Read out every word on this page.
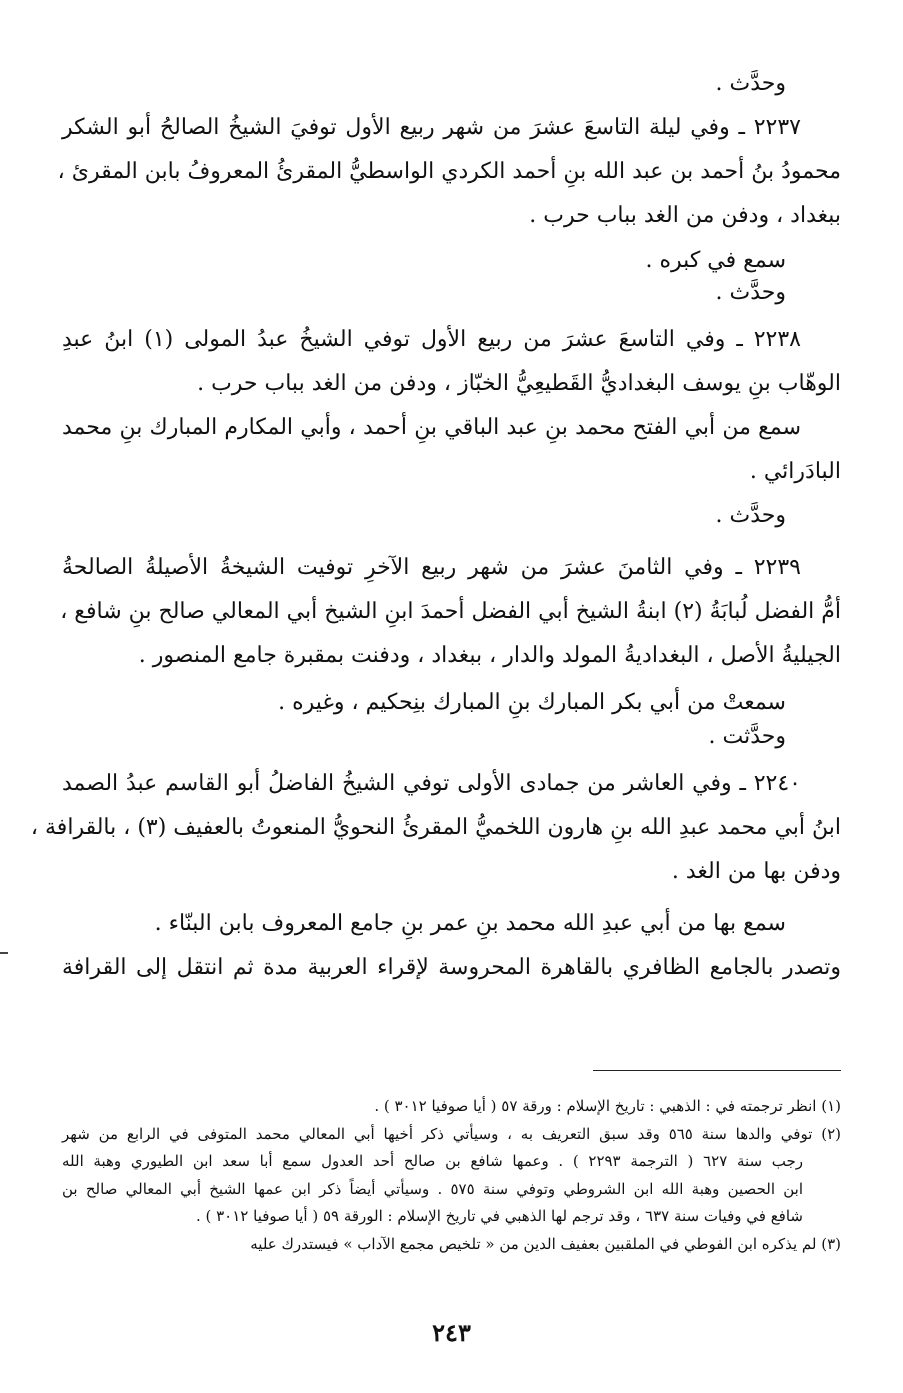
وحدَّث .
٢٢٣٧ ـ وفي ليلة التاسعَ عشرَ من شهر ربيع الأول توفيَ الشيخُ الصالحُ أبو الشكر
محمودُ بنُ أحمد بن عبد الله بنِ أحمد الكردي الواسطيُّ المقرئُ المعروفُ بابن المقرئ ،
ببغداد ، ودفن من الغد بباب حرب .
سمع في كبره .
وحدَّث .
٢٢٣٨ ـ وفي التاسعَ عشرَ من ربيع الأول توفي الشيخُ عبدُ المولى (١) ابنُ عبدِ
الوهّاب بنِ يوسف البغداديُّ القَطيعِيُّ الخبّاز ، ودفن من الغد بباب حرب .
سمع من أبي الفتح محمد بنِ عبد الباقي بنِ أحمد ، وأبي المكارم المبارك بنِ محمد
البادَرائي .
وحدَّث .
٢٢٣٩ ـ وفي الثامنَ عشرَ من شهر ربيع الآخرِ توفيت الشيخةُ الأصيلةُ الصالحةُ
أمُّ الفضل لُبابَةُ (٢) ابنةُ الشيخ أبي الفضل أحمدَ ابنِ الشيخ أبي المعالي صالح بنِ شافع ،
الجيليةُ الأصل ، البغداديةُ المولد والدار ، ببغداد ، ودفنت بمقبرة جامع المنصور .
سمعتْ من أبي بكر المبارك بنِ المبارك بنِحكيم ، وغيره .
وحدَّثت .
٢٢٤٠ ـ وفي العاشر من جمادى الأولى توفي الشيخُ الفاضلُ أبو القاسم عبدُ الصمد
ابنُ أبي محمد عبدِ الله بنِ هارون اللخميُّ المقرئُ النحويُّ المنعوتُ بالعفيف (٣) ، بالقرافة ،
ودفن بها من الغد .
سمع بها من أبي عبدِ الله محمد بنِ عمر بنِ جامع المعروف بابن البنّاء .
وتصدر بالجامع الظافري بالقاهرة المحروسة لإقراء العربية مدة ثم انتقل إلى القرافة
(١) انظر ترجمته في : الذهبي : تاريخ الإسلام : ورقة ٥٧ ( أيا صوفيا ٣٠١٢ ) .
(٢) توفي والدها سنة ٥٦٥ وقد سبق التعريف به ، وسيأتي ذكر أخيها أبي المعالي محمد المتوفى في الرابع من شهر
رجب سنة ٦٢٧ ( الترجمة ٢٢٩٣ ) . وعمها شافع بن صالح أحد العدول سمع أبا سعد ابن الطيوري وهبة الله
ابن الحصين وهبة الله ابن الشروطي وتوفي سنة ٥٧٥ . وسيأتي أيضاً ذكر ابن عمها الشيخ أبي المعالي صالح بن
شافع في وفيات سنة ٦٣٧ ، وقد ترجم لها الذهبي في تاريخ الإسلام : الورقة ٥٩ ( أيا صوفيا ٣٠١٢ ) .
(٣) لم يذكره ابن الفوطي في الملقبين بعفيف الدين من « تلخيص مجمع الآداب » فيستدرك عليه
٢٤٣
